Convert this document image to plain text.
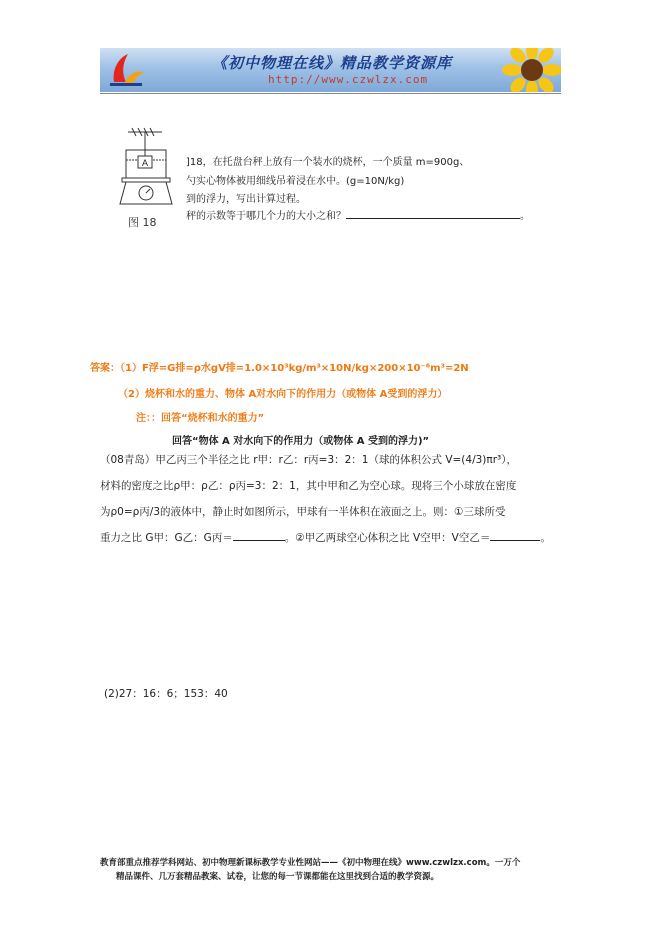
《初中物理在线》精品教学资源库
http://www.czwlzx.com
A
图 18
]18，在托盘台秤上放有一个装水的烧杯，一个质量 m=900g、
勺实心物体被用细线吊着浸在水中。(g=10N/kg)
到的浮力，写出计算过程。
秤的示数等于哪几个力的大小之和？	。
答案：（1）F浮=G排=ρ水gV排=1.0×10³kg/m³×10N/kg×200×10⁻⁶m³=2N
（2）烧杯和水的重力、物体 A对水向下的作用力（或物体 A受到的浮力）
注：：回答“烧杯和水的重力”
回答“物体 A 对水向下的作用力（或物体 A 受到的浮力)”
（08青岛）甲乙丙三个半径之比 r甲：r乙：r丙=3：2：1（球的体积公式 V=(4/3)πr³），
材料的密度之比ρ甲：ρ乙：ρ丙=3：2：1，其中甲和乙为空心球。现将三个小球放在密度
为ρ0=ρ丙/3的液体中，静止时如图所示，甲球有一半体积在液面之上。则：①三球所受
重力之比 G甲：G乙：G丙＝	。②甲乙两球空心体积之比 V空甲：V空乙＝	。
(2)27：16：6；153：40
教育部重点推荐学科网站、初中物理新课标教学专业性网站——《初中物理在线》www.czwlzx.com。一万个
精品课件、几万套精品教案、试卷，让您的每一节课都能在这里找到合适的教学资源。
